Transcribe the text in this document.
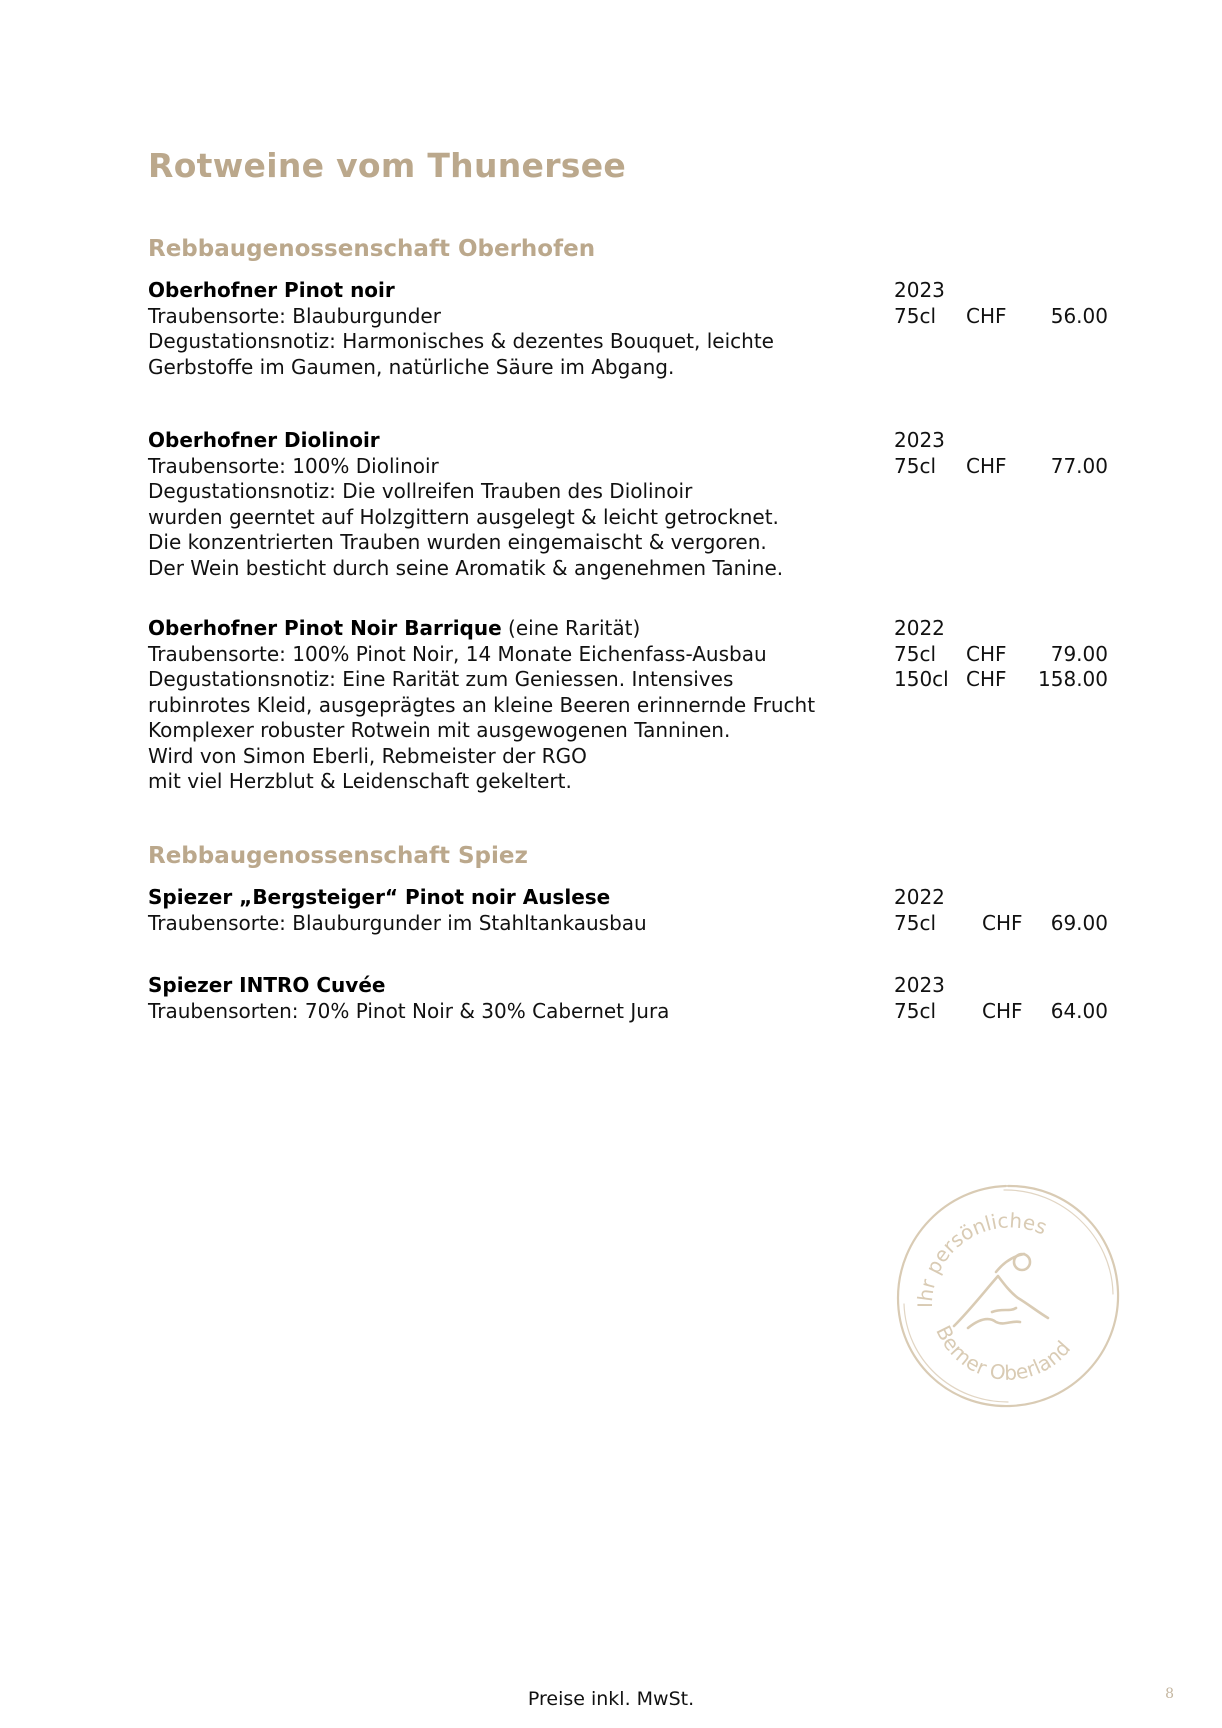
Rotweine vom Thunersee
Rebbaugenossenschaft Oberhofen
Oberhofner Pinot noir
Traubensorte: Blauburgunder
Degustationsnotiz: Harmonisches & dezentes Bouquet, leichte
Gerbstoffe im Gaumen, natürliche Säure im Abgang.
2023
75cl CHF 56.00
Oberhofner Diolinoir
Traubensorte: 100% Diolinoir
Degustationsnotiz: Die vollreifen Trauben des Diolinoir
wurden geerntet auf Holzgittern ausgelegt & leicht getrocknet.
Die konzentrierten Trauben wurden eingemaischt & vergoren.
Der Wein besticht durch seine Aromatik & angenehmen Tanine.
2023
75cl CHF 77.00
Oberhofner Pinot Noir Barrique (eine Rarität)
Traubensorte: 100% Pinot Noir, 14 Monate Eichenfass-Ausbau
Degustationsnotiz: Eine Rarität zum Geniessen. Intensives
rubinrotes Kleid, ausgeprägtes an kleine Beeren erinnernde Frucht
Komplexer robuster Rotwein mit ausgewogenen Tanninen.
Wird von Simon Eberli, Rebmeister der RGO
mit viel Herzblut & Leidenschaft gekeltert.
2022
75cl CHF 79.00
150cl CHF 158.00
Rebbaugenossenschaft Spiez
Spiezer „Bergsteiger“ Pinot noir Auslese
Traubensorte: Blauburgunder im Stahltankausbau
2022
75cl CHF 69.00
Spiezer INTRO Cuvée
Traubensorten: 70% Pinot Noir & 30% Cabernet Jura
2023
75cl CHF 64.00
Ihr persönliches
Berner Oberland
Preise inkl. MwSt.	8
